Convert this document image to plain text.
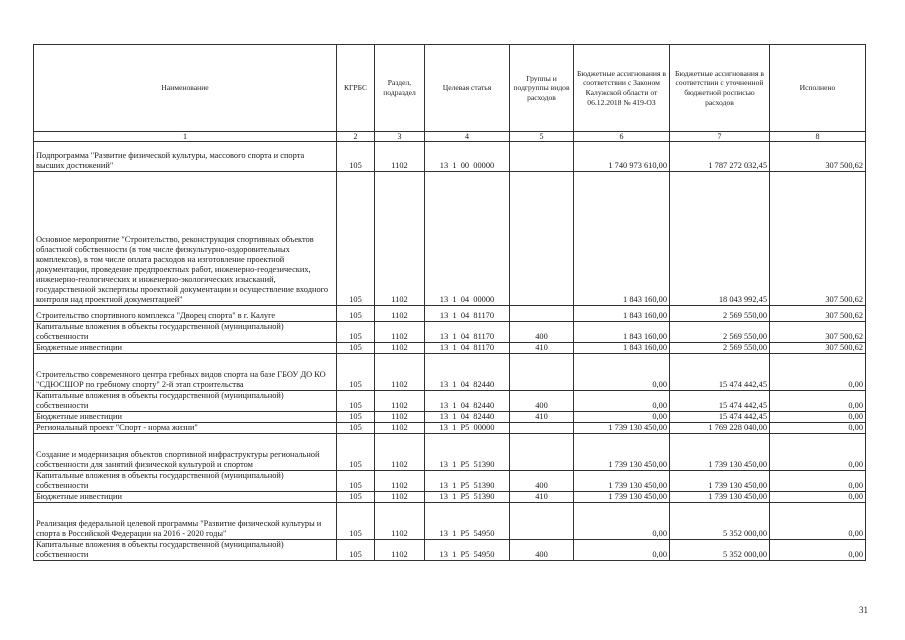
Наименование	КГРБС	Раздел, подраздел	Целевая статья	Группы и подгруппы видов расходов	Бюджетные ассигнования в соответствии с Законом Калужской области от 06.12.2018 № 419-ОЗ	Бюджетные ассигнования в соответствии с уточненной бюджетной росписью расходов	Исполнено
1	2	3	4	5	6	7	8
Подпрограмма "Развитие физической культуры, массового спорта и спорта высших достижений"	105	1102	13  1  00  00000		1 740 973 610,00	1 787 272 032,45	307 500,62
Основное мероприятие "Строительство, реконструкция спортивных объектов областной собственности (в том числе физкультурно-оздоровительных комплексов), в том числе оплата расходов на изготовление проектной документации, проведение предпроектных работ, инженерно-геодезических, инженерно-геологических и инженерно-экологических изысканий, государственной экспертизы проектной документации и осуществление входного контроля над проектной документацией"	105	1102	13  1  04  00000		1 843 160,00	18 043 992,45	307 500,62
Строительство спортивного комплекса "Дворец спорта" в г. Калуге	105	1102	13  1  04  81170		1 843 160,00	2 569 550,00	307 500,62
Капитальные вложения в объекты государственной (муниципальной) собственности	105	1102	13  1  04  81170	400	1 843 160,00	2 569 550,00	307 500,62
Бюджетные инвестиции	105	1102	13  1  04  81170	410	1 843 160,00	2 569 550,00	307 500,62
Строительство современного центра гребных видов спорта на базе ГБОУ ДО КО "СДЮСШОР по гребному спорту" 2-й этап строительства	105	1102	13  1  04  82440		0,00	15 474 442,45	0,00
Капитальные вложения в объекты государственной (муниципальной) собственности	105	1102	13  1  04  82440	400	0,00	15 474 442,45	0,00
Бюджетные инвестиции	105	1102	13  1  04  82440	410	0,00	15 474 442,45	0,00
Региональный проект "Спорт - норма жизни"	105	1102	13  1  P5  00000		1 739 130 450,00	1 769 228 040,00	0,00
Создание и модернизация объектов спортивной инфраструктуры региональной собственности для занятий физической культурой и спортом	105	1102	13  1  P5  51390		1 739 130 450,00	1 739 130 450,00	0,00
Капитальные вложения в объекты государственной (муниципальной) собственности	105	1102	13  1  P5  51390	400	1 739 130 450,00	1 739 130 450,00	0,00
Бюджетные инвестиции	105	1102	13  1  P5  51390	410	1 739 130 450,00	1 739 130 450,00	0,00
Реализация федеральной целевой программы "Развитие физической культуры и спорта в Российской Федерации на 2016 - 2020 годы"	105	1102	13  1  P5  54950		0,00	5 352 000,00	0,00
Капитальные вложения в объекты государственной (муниципальной) собственности	105	1102	13  1  P5  54950	400	0,00	5 352 000,00	0,00
31
